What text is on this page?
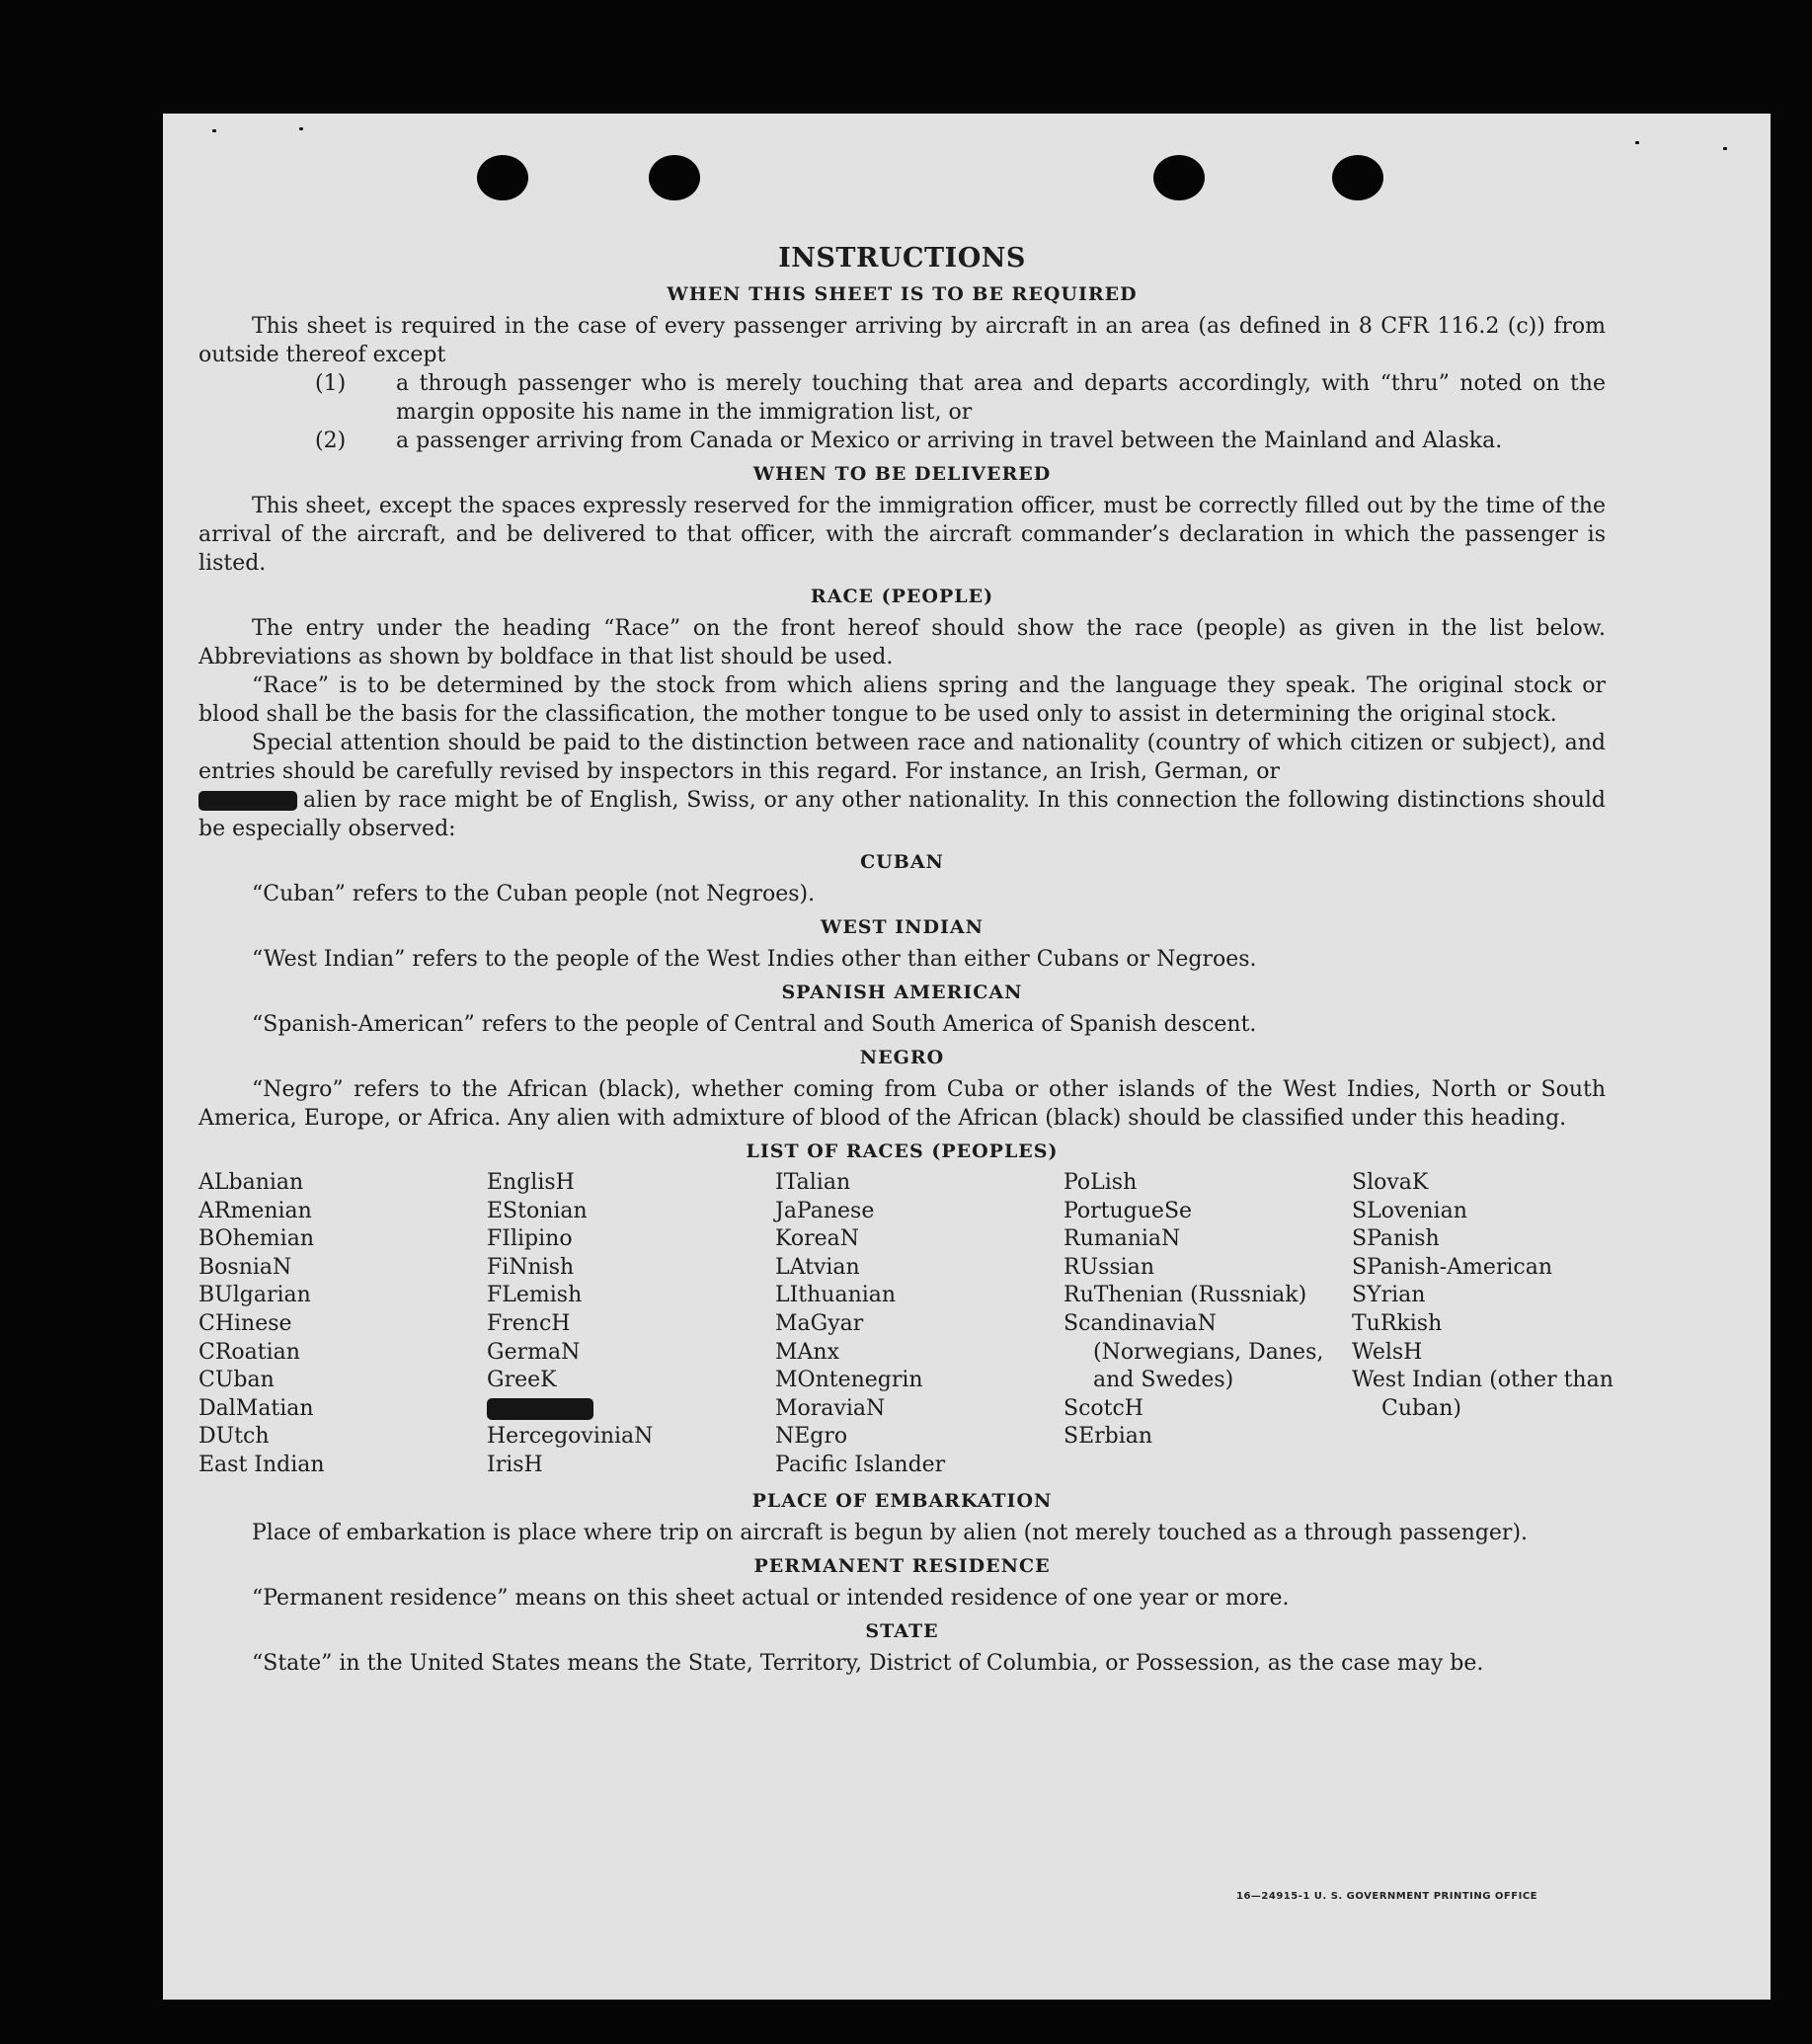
INSTRUCTIONS
WHEN THIS SHEET IS TO BE REQUIRED

This sheet is required in the case of every passenger arriving by aircraft in an area (as defined in 8 CFR 116.2 (c)) from outside thereof except

(1) a through passenger who is merely touching that area and departs accordingly, with “thru” noted on the margin opposite his name in the immigration list, or

(2) a passenger arriving from Canada or Mexico or arriving in travel between the Mainland and Alaska.

WHEN TO BE DELIVERED

This sheet, except the spaces expressly reserved for the immigration officer, must be correctly filled out by the time of the arrival of the aircraft, and be delivered to that officer, with the aircraft commander’s declaration in which the passenger is listed.

RACE (PEOPLE)

The entry under the heading “Race” on the front hereof should show the race (people) as given in the list below. Abbreviations as shown by boldface in that list should be used.

“Race” is to be determined by the stock from which aliens spring and the language they speak. The original stock or blood shall be the basis for the classification, the mother tongue to be used only to assist in determining the original stock.

Special attention should be paid to the distinction between race and nationality (country of which citizen or subject), and entries should be carefully revised by inspectors in this regard. For instance, an Irish, German, or

alien by race might be of English, Swiss, or any other nationality. In this connection the following distinctions should be especially observed:

CUBAN

“Cuban” refers to the Cuban people (not Negroes).

WEST INDIAN

“West Indian” refers to the people of the West Indies other than either Cubans or Negroes.

SPANISH AMERICAN

“Spanish-American” refers to the people of Central and South America of Spanish descent.

NEGRO

“Negro” refers to the African (black), whether coming from Cuba or other islands of the West Indies, North or South America, Europe, or Africa. Any alien with admixture of blood of the African (black) should be classified under this heading.

LIST OF RACES (PEOPLES)
ALbanian
ARmenian
BOhemian
BosniaN
BUlgarian
CHinese
CRoatian
CUban
DalMatian
DUtch
East Indian
EnglisH
EStonian
FIlipino
FiNnish
FLemish
FrencH
GermaN
GreeK
HercegoviniaN
IrisH
ITalian
JaPanese
KoreaN
LAtvian
LIthuanian
MaGyar
MAnx
MOntenegrin
MoraviaN
NEgro
Pacific Islander
PoLish
PortugueSe
RumaniaN
RUssian
RuThenian (Russniak)
ScandinaviaN (Norwegians, Danes, and Swedes)
ScotcH
SErbian
SlovaK
SLovenian
SPanish
SPanish-American
SYrian
TuRkish
WelsH
West Indian (other than Cuban)
PLACE OF EMBARKATION

Place of embarkation is place where trip on aircraft is begun by alien (not merely touched as a through passenger).

PERMANENT RESIDENCE

“Permanent residence” means on this sheet actual or intended residence of one year or more.

STATE

“State” in the United States means the State, Territory, District of Columbia, or Possession, as the case may be.

16—24915-1 U. S. GOVERNMENT PRINTING OFFICE
